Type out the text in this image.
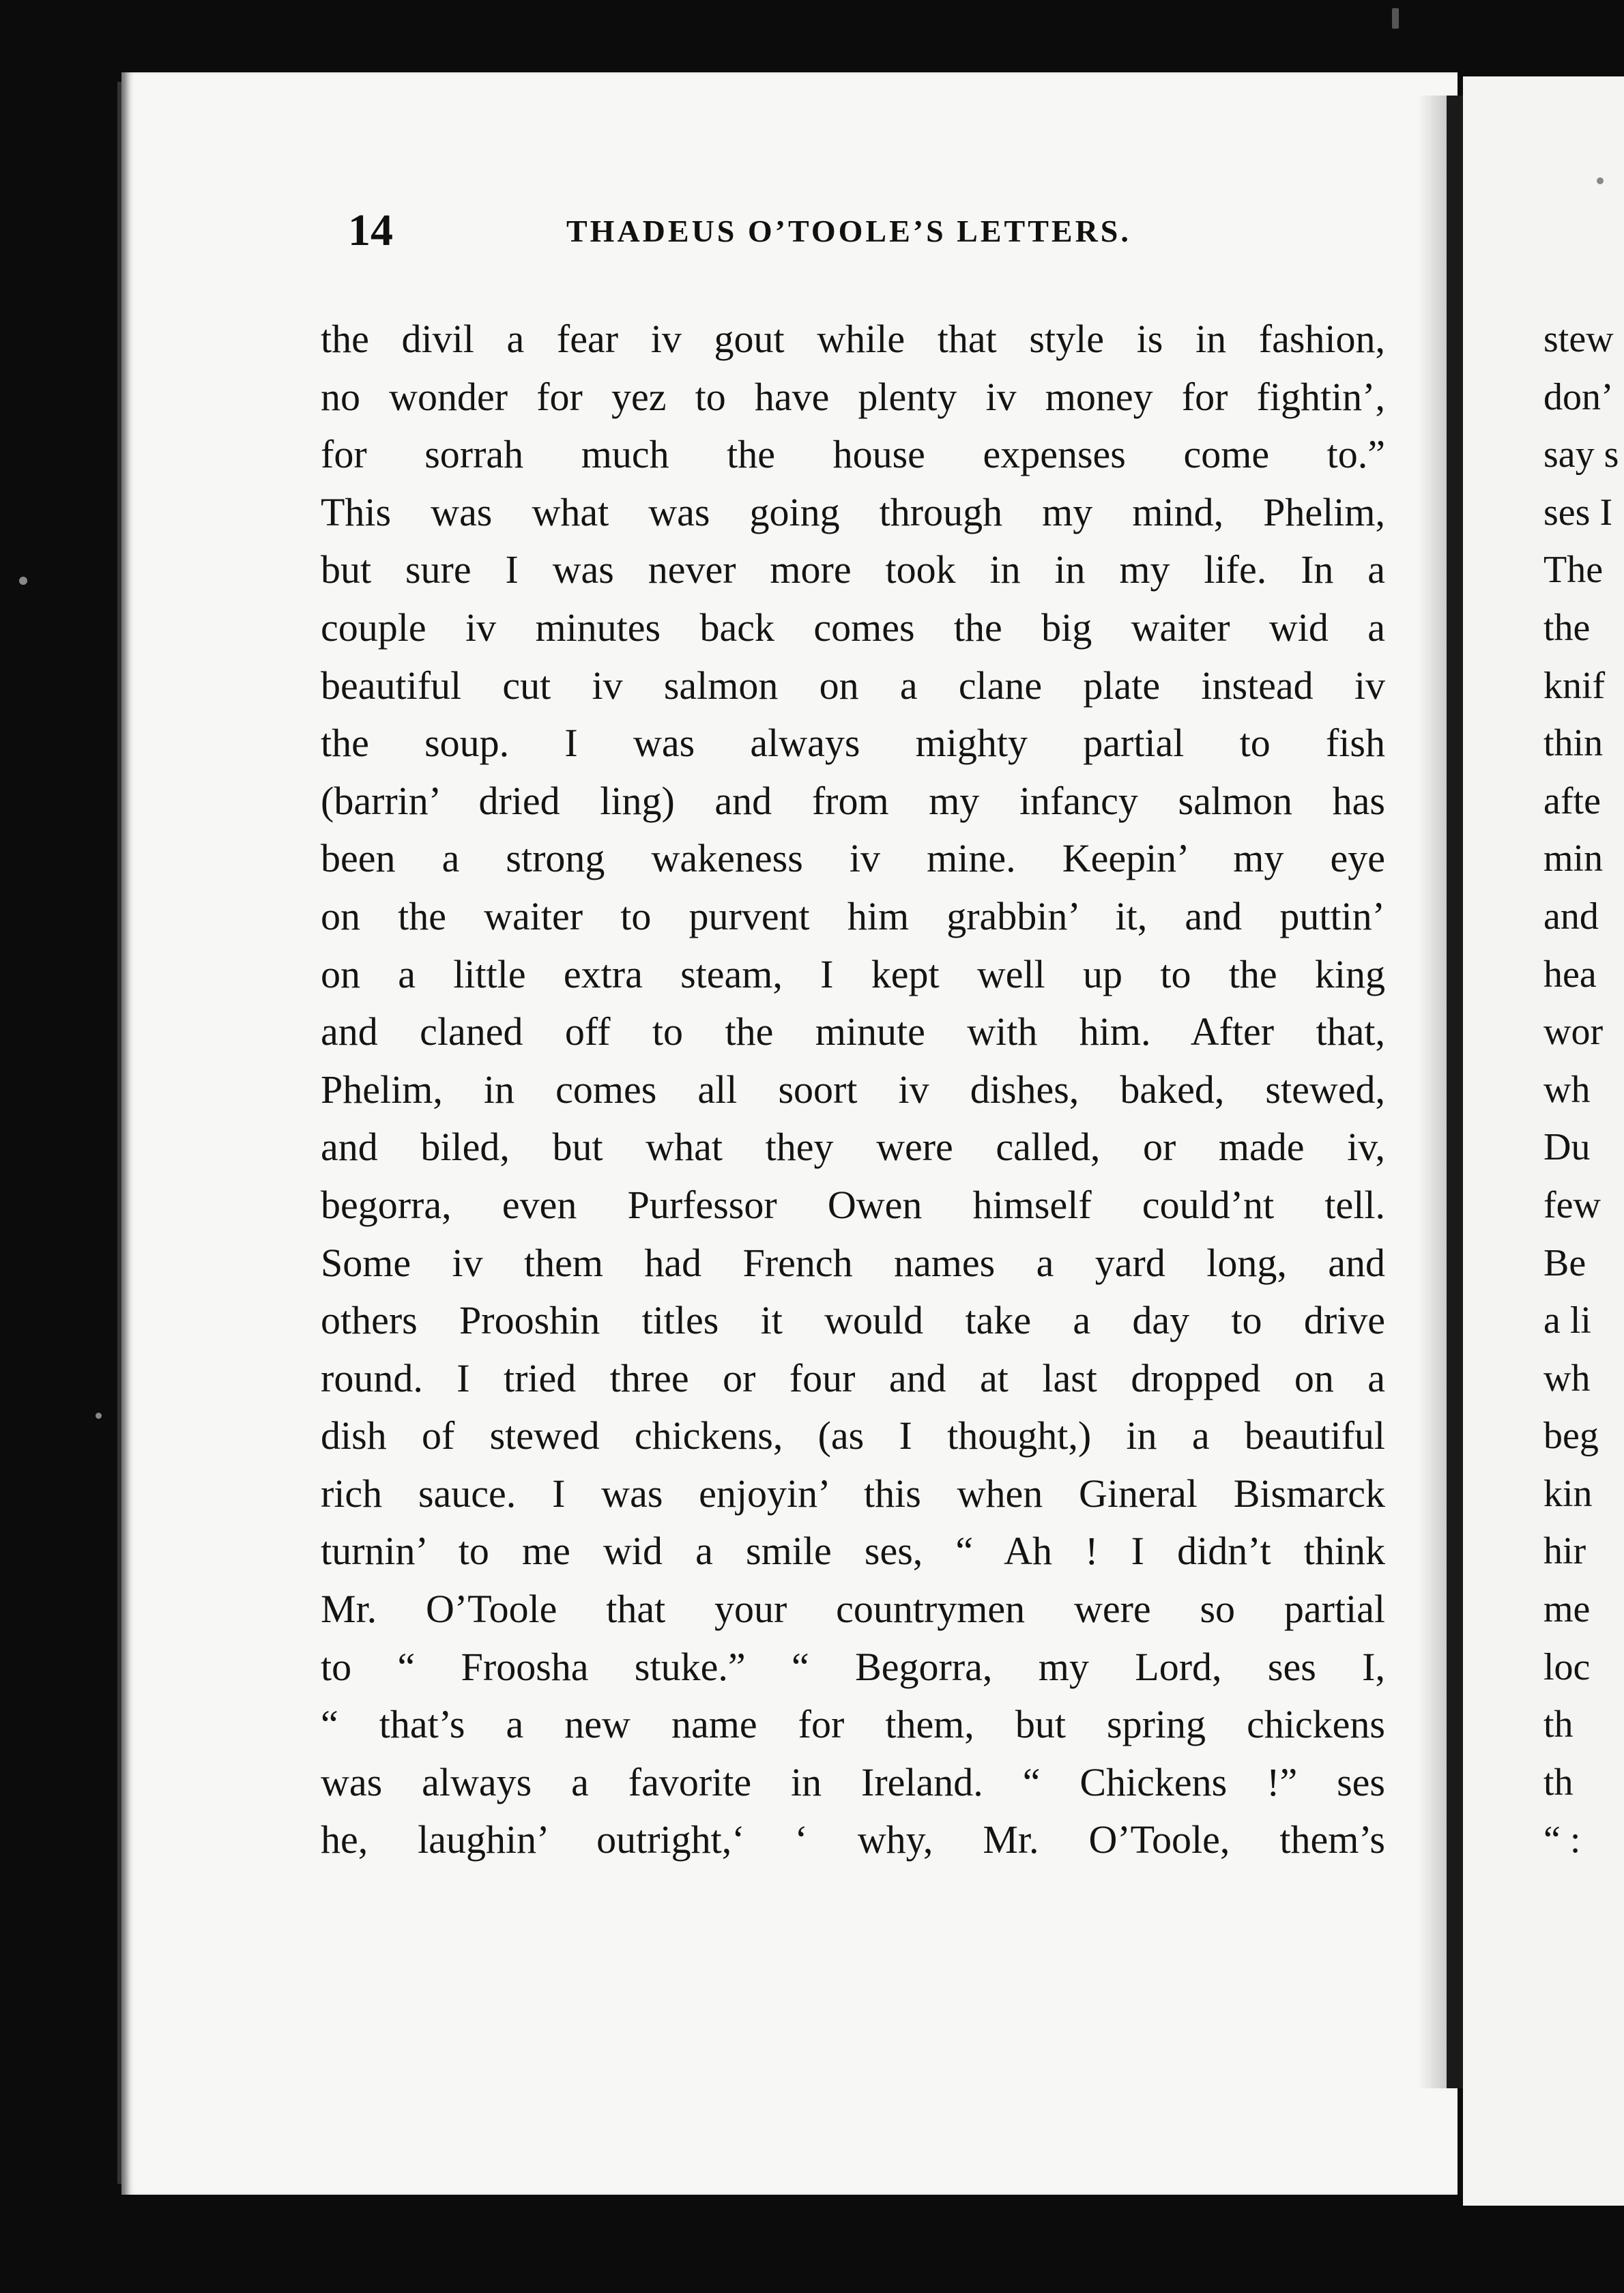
14	THADEUS O’TOOLE’S LETTERS.
the divil a fear iv gout while that style is in fashion,
no wonder for yez to have plenty iv money for fightin’,
for sorrah much the house expenses come to.”
This was what was going through my mind, Phelim,
but sure I was never more took in in my life. In a
couple iv minutes back comes the big waiter wid a
beautiful cut iv salmon on a clane plate instead iv
the soup. I was always mighty partial to fish
(barrin’ dried ling) and from my infancy salmon has
been a strong wakeness iv mine. Keepin’ my eye
on the waiter to purvent him grabbin’ it, and puttin’
on a little extra steam, I kept well up to the king
and claned off to the minute with him. After that,
Phelim, in comes all soort iv dishes, baked, stewed,
and biled, but what they were called, or made iv,
begorra, even Purfessor Owen himself could’nt tell.
Some iv them had French names a yard long, and
others Prooshin titles it would take a day to drive
round. I tried three or four and at last dropped on a
dish of stewed chickens, (as I thought,) in a beautiful
rich sauce. I was enjoyin’ this when Gineral Bismarck
turnin’ to me wid a smile ses, “ Ah ! I didn’t think
Mr. O’Toole that your countrymen were so partial
to “ Froosha stuke.” “ Begorra, my Lord, ses I,
“ that’s a new name for them, but spring chickens
was always a favorite in Ireland. “ Chickens !” ses
he, laughin’ outright,‘ ‘ why, Mr. O’Toole, them’s
stew
don’
say s
ses I
The
the
knif
thin
afte
min
and
hea
wor
wh
Du
few
Be
a li
wh
beg
kin
hir
me
loc
th
th
“ :
